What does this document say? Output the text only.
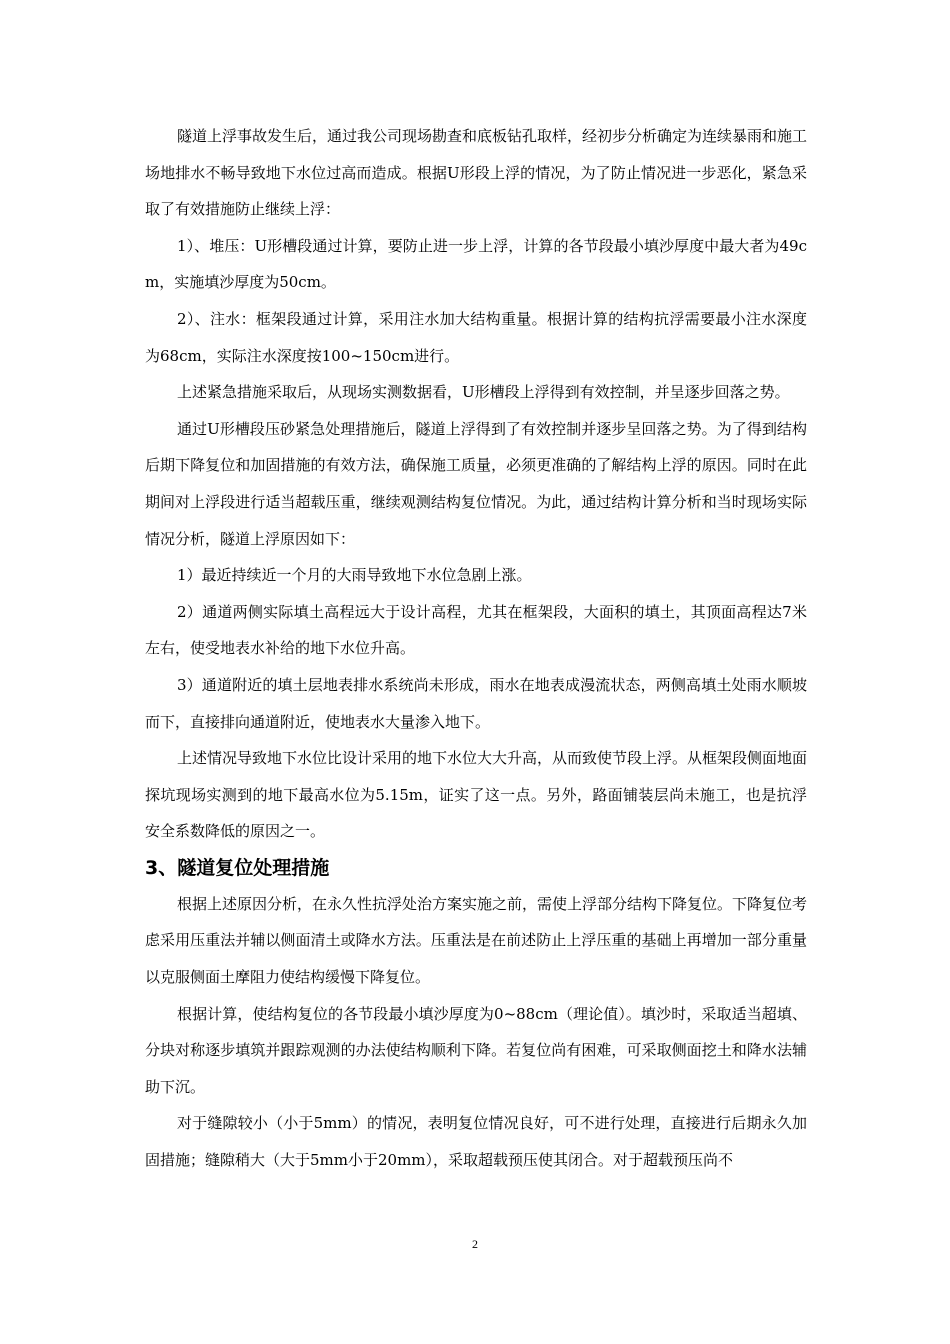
隧道上浮事故发生后，通过我公司现场勘查和底板钻孔取样，经初步分析确定为连续暴雨和施工场地排水不畅导致地下水位过高而造成。根据U形段上浮的情况，为了防止情况进一步恶化，紧急采取了有效措施防止继续上浮：

1）、堆压：U形槽段通过计算，要防止进一步上浮，计算的各节段最小填沙厚度中最大者为49cm，实施填沙厚度为50cm。

2）、注水：框架段通过计算，采用注水加大结构重量。根据计算的结构抗浮需要最小注水深度为68cm，实际注水深度按100~150cm进行。

上述紧急措施采取后，从现场实测数据看，U形槽段上浮得到有效控制，并呈逐步回落之势。

通过U形槽段压砂紧急处理措施后，隧道上浮得到了有效控制并逐步呈回落之势。为了得到结构后期下降复位和加固措施的有效方法，确保施工质量，必须更准确的了解结构上浮的原因。同时在此期间对上浮段进行适当超载压重，继续观测结构复位情况。为此，通过结构计算分析和当时现场实际情况分析，隧道上浮原因如下：

1）最近持续近一个月的大雨导致地下水位急剧上涨。

2）通道两侧实际填土高程远大于设计高程，尤其在框架段，大面积的填土，其顶面高程达7米左右，使受地表水补给的地下水位升高。

3）通道附近的填土层地表排水系统尚未形成，雨水在地表成漫流状态，两侧高填土处雨水顺坡而下，直接排向通道附近，使地表水大量渗入地下。

上述情况导致地下水位比设计采用的地下水位大大升高，从而致使节段上浮。从框架段侧面地面探坑现场实测到的地下最高水位为5.15m，证实了这一点。另外，路面铺装层尚未施工，也是抗浮安全系数降低的原因之一。

3、隧道复位处理措施

根据上述原因分析，在永久性抗浮处治方案实施之前，需使上浮部分结构下降复位。下降复位考虑采用压重法并辅以侧面清土或降水方法。压重法是在前述防止上浮压重的基础上再增加一部分重量以克服侧面土摩阻力使结构缓慢下降复位。

根据计算，使结构复位的各节段最小填沙厚度为0~88cm（理论值）。填沙时，采取适当超填、分块对称逐步填筑并跟踪观测的办法使结构顺利下降。若复位尚有困难，可采取侧面挖土和降水法辅助下沉。

对于缝隙较小（小于5mm）的情况，表明复位情况良好，可不进行处理，直接进行后期永久加固措施；缝隙稍大（大于5mm小于20mm），采取超载预压使其闭合。对于超载预压尚不

2
